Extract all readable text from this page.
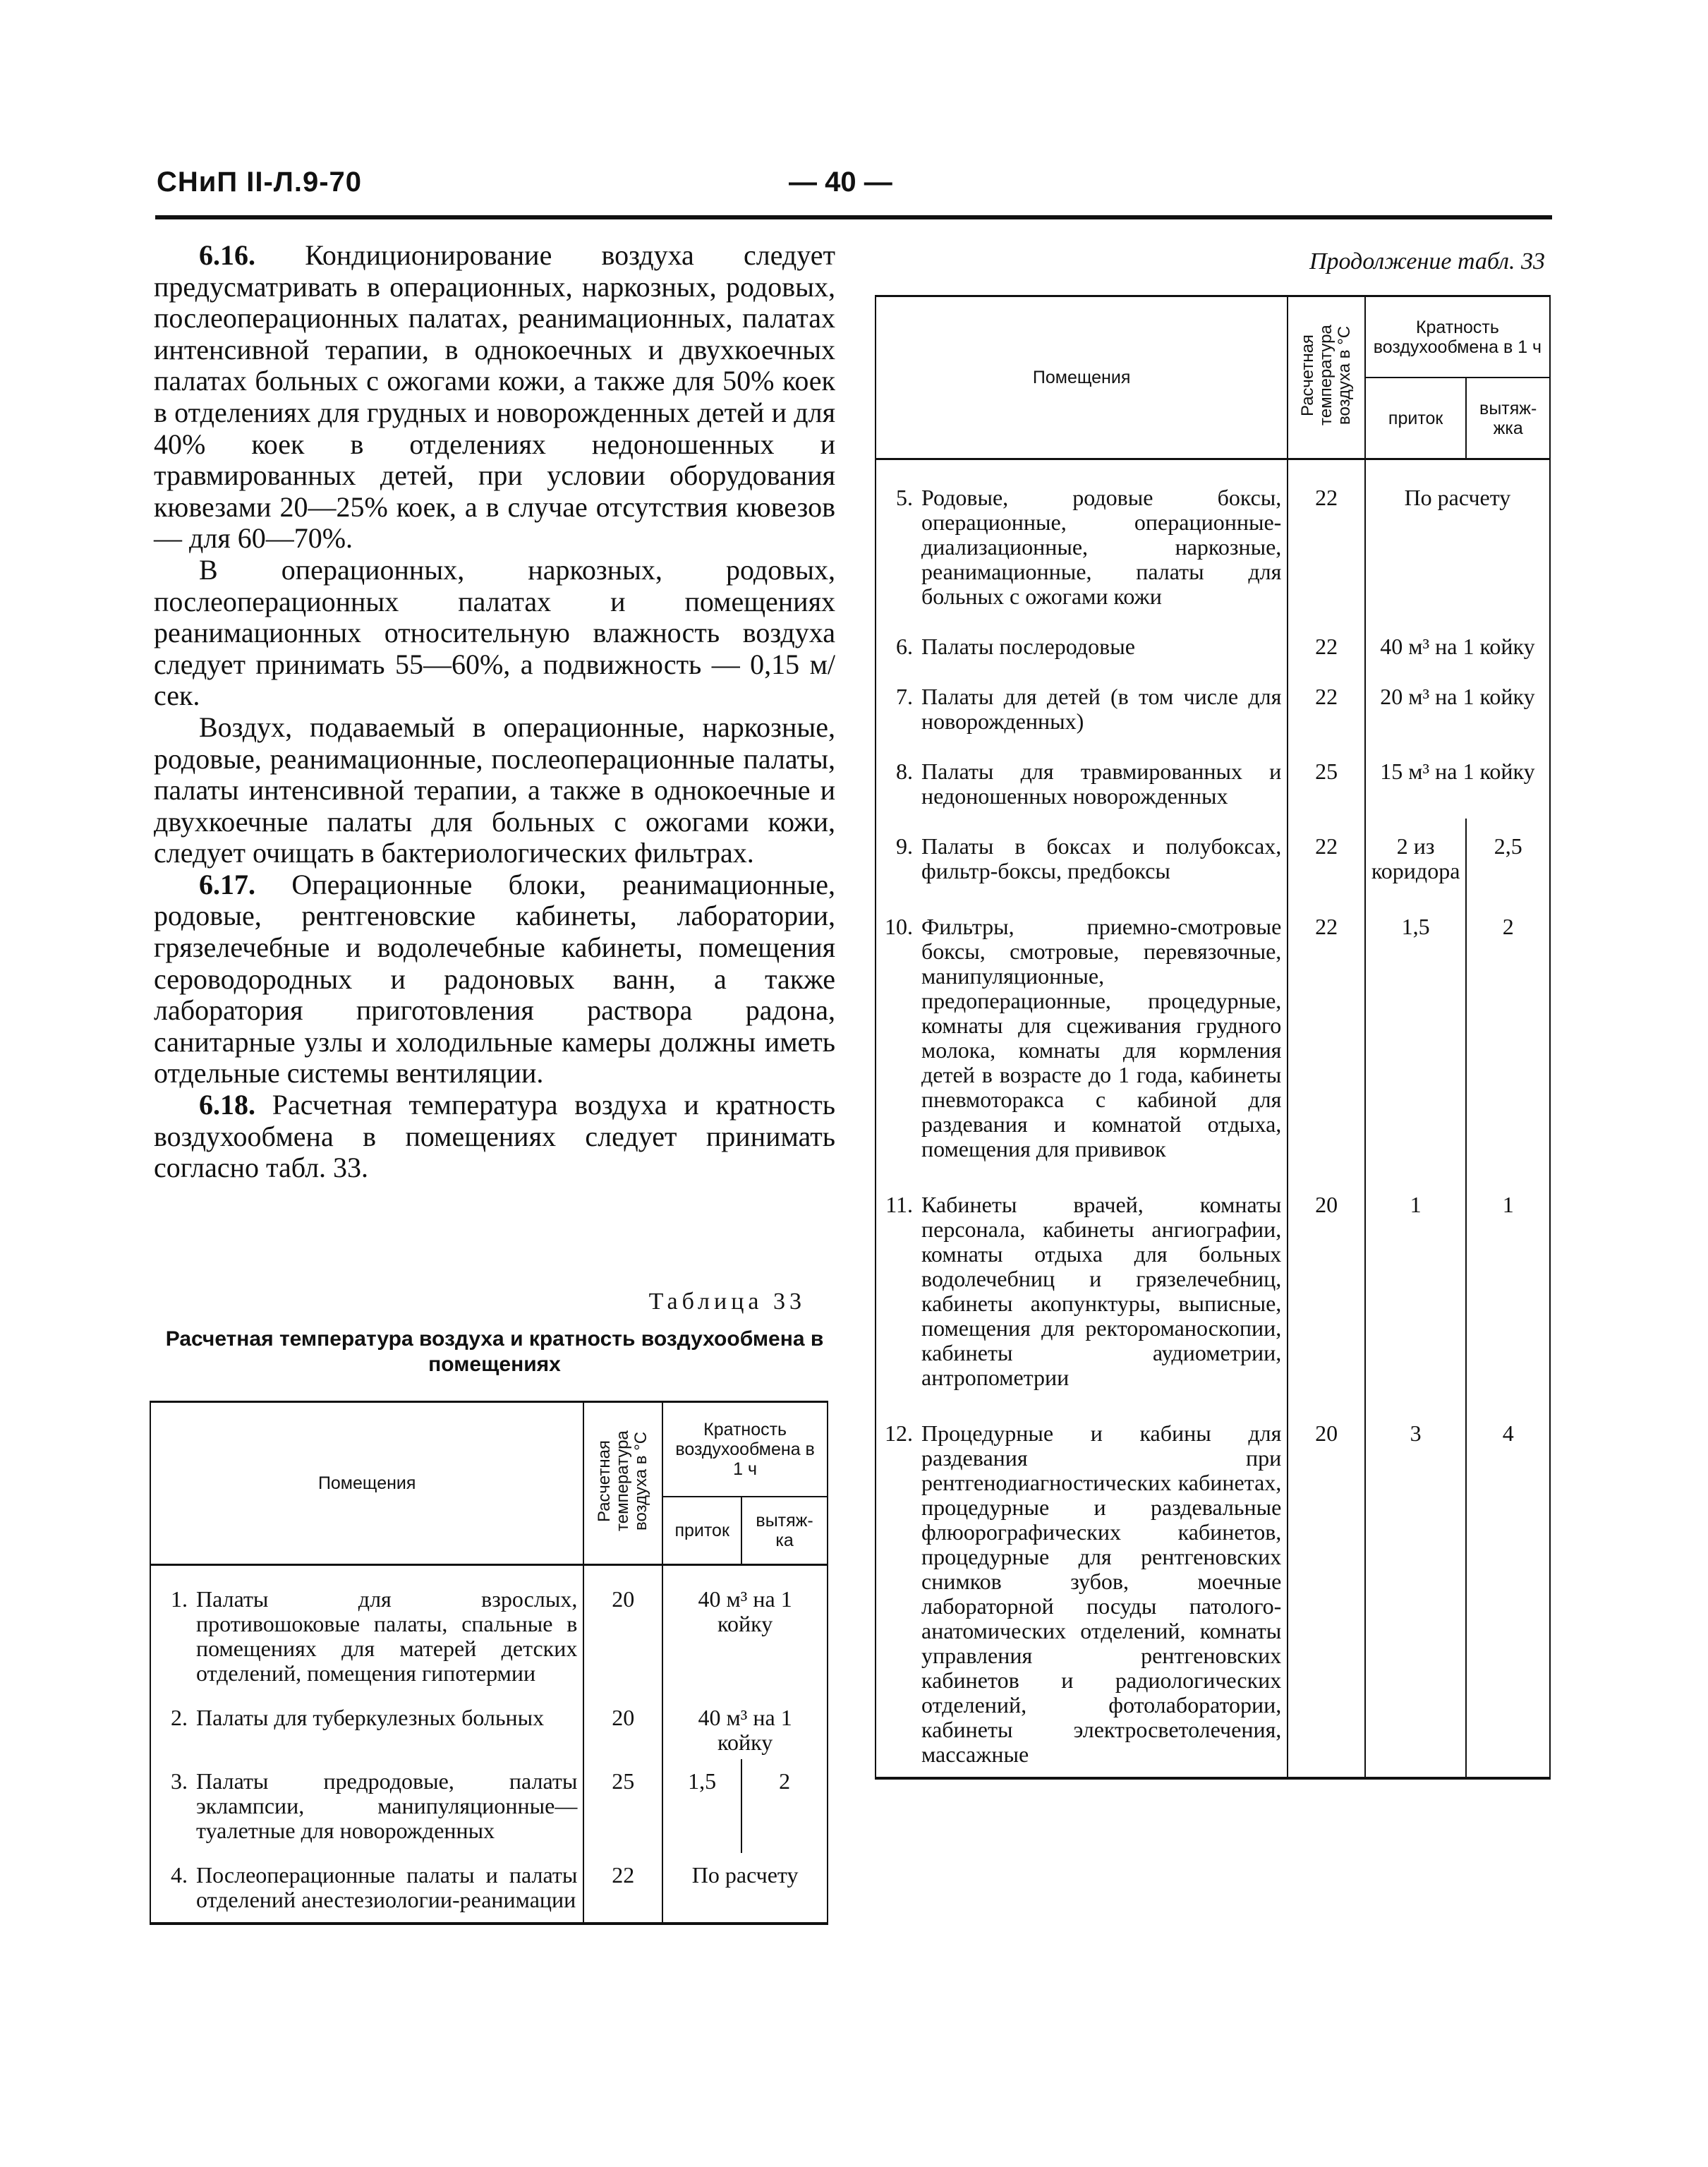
СНиП II-Л.9-70	— 40 —

6.16. Кондиционирование воздуха следует предусматривать в операционных, наркозных, родовых, послеоперационных палатах, реанимационных, палатах интенсивной терапии, в однокоечных и двухкоечных палатах больных с ожогами кожи, а также для 50% коек в отделениях для грудных и новорожденных детей и для 40% коек в отделениях недоношенных и травмированных детей, при условии оборудования кювезами 20—25% коек, а в случае отсутствия кювезов — для 60—70%.

В операционных, наркозных, родовых, послеоперационных палатах и помещениях реанимационных относительную влажность воздуха следует принимать 55—60%, а подвижность — 0,15 м/сек.

Воздух, подаваемый в операционные, наркозные, родовые, реанимационные, послеоперационные палаты, палаты интенсивной терапии, а также в однокоечные и двухкоечные палаты для больных с ожогами кожи, следует очищать в бактериологических фильтрах.

6.17. Операционные блоки, реанимационные, родовые, рентгеновские кабинеты, лаборатории, грязелечебные и водолечебные кабинеты, помещения сероводородных и радоновых ванн, а также лаборатория приготовления раствора радона, санитарные узлы и холодильные камеры должны иметь отдельные системы вентиляции.

6.18. Расчетная температура воздуха и кратность воздухообмена в помещениях следует принимать согласно табл. 33.

Таблица 33
Расчетная температура воздуха и кратность воздухообмена в помещениях
Помещения	Расчетная температура воздуха в °С	Кратность воздухообмена в 1 ч	
		приток	вытяж-
ка

1. Палаты для взрослых, противошоковые палаты, спальные в помещениях для матерей детских отделений, помещения гипотермии	20	40 м³ на 1 койку	

2. Палаты для туберкулезных больных	20	40 м³ на 1 койку	

3. Палаты предродовые, палаты эклампсии, манипуляционные—туалетные для новорожденных	25	1,5	2

4. Послеоперационные палаты и палаты отделений анестезиологии-реанимации	22	По расчету	
Продолжение табл. 33
Помещения	Расчетная температура воздуха в °С	Кратность воздухообмена в 1 ч	
		приток	вытяж-
жка

5. Родовые, родовые боксы, операционные, операционные-диализационные, наркозные, реанимационные, палаты для больных с ожогами кожи	22	По расчету	

6. Палаты послеродовые	22	40 м³ на 1 койку	

7. Палаты для детей (в том числе для новорожденных)	22	20 м³ на 1 койку	

8. Палаты для травмированных и недоношенных новорожденных	25	15 м³ на 1 койку	

9. Палаты в боксах и полубоксах, фильтр-боксы, предбоксы	22	2 из коридора	2,5

10. Фильтры, приемно-смотровые боксы, смотровые, перевязочные, манипуляционные, предоперационные, процедурные, комнаты для сцеживания грудного молока, комнаты для кормления детей в возрасте до 1 года, кабинеты пневмоторакса с кабиной для раздевания и комнатой отдыха, помещения для прививок	22	1,5	2

11. Кабинеты врачей, комнаты персонала, кабинеты ангиографии, комнаты отдыха для больных водолечебниц и грязелечебниц, кабинеты акопунктуры, выписные, помещения для ректороманоскопии, кабинеты аудиометрии, антропометрии	20	1	1

12. Процедурные и кабины для раздевания при рентгенодиагностических кабинетах, процедурные и раздевальные флюорографических кабинетов, процедурные для рентгеновских снимков зубов, моечные лабораторной посуды патолого-анатомических отделений, комнаты управления рентгеновских кабинетов и радиологических отделений, фотолаборатории, кабинеты электросветолечения, массажные	20	3	4
